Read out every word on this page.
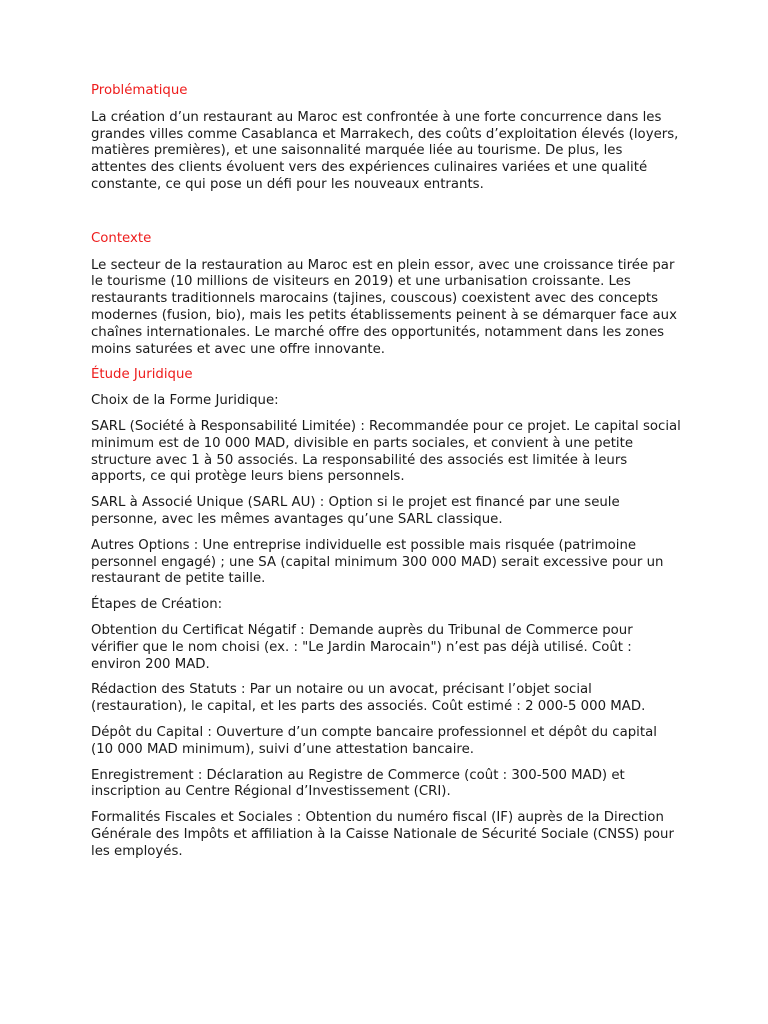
Problématique

La création d’un restaurant au Maroc est confrontée à une forte concurrence dans les grandes villes comme Casablanca et Marrakech, des coûts d’exploitation élevés (loyers, matières premières), et une saisonnalité marquée liée au tourisme. De plus, les attentes des clients évoluent vers des expériences culinaires variées et une qualité constante, ce qui pose un défi pour les nouveaux entrants.

Contexte

Le secteur de la restauration au Maroc est en plein essor, avec une croissance tirée par le tourisme (10 millions de visiteurs en 2019) et une urbanisation croissante. Les restaurants traditionnels marocains (tajines, couscous) coexistent avec des concepts modernes (fusion, bio), mais les petits établissements peinent à se démarquer face aux chaînes internationales. Le marché offre des opportunités, notamment dans les zones moins saturées et avec une offre innovante.

Étude Juridique

Choix de la Forme Juridique:

SARL (Société à Responsabilité Limitée) : Recommandée pour ce projet. Le capital social minimum est de 10 000 MAD, divisible en parts sociales, et convient à une petite structure avec 1 à 50 associés. La responsabilité des associés est limitée à leurs apports, ce qui protège leurs biens personnels.

SARL à Associé Unique (SARL AU) : Option si le projet est financé par une seule personne, avec les mêmes avantages qu’une SARL classique.

Autres Options : Une entreprise individuelle est possible mais risquée (patrimoine personnel engagé) ; une SA (capital minimum 300 000 MAD) serait excessive pour un restaurant de petite taille.

Étapes de Création:

Obtention du Certificat Négatif : Demande auprès du Tribunal de Commerce pour vérifier que le nom choisi (ex. : "Le Jardin Marocain") n’est pas déjà utilisé. Coût : environ 200 MAD.

Rédaction des Statuts : Par un notaire ou un avocat, précisant l’objet social (restauration), le capital, et les parts des associés. Coût estimé : 2 000-5 000 MAD.

Dépôt du Capital : Ouverture d’un compte bancaire professionnel et dépôt du capital (10 000 MAD minimum), suivi d’une attestation bancaire.

Enregistrement : Déclaration au Registre de Commerce (coût : 300-500 MAD) et inscription au Centre Régional d’Investissement (CRI).

Formalités Fiscales et Sociales : Obtention du numéro fiscal (IF) auprès de la Direction Générale des Impôts et affiliation à la Caisse Nationale de Sécurité Sociale (CNSS) pour les employés.
